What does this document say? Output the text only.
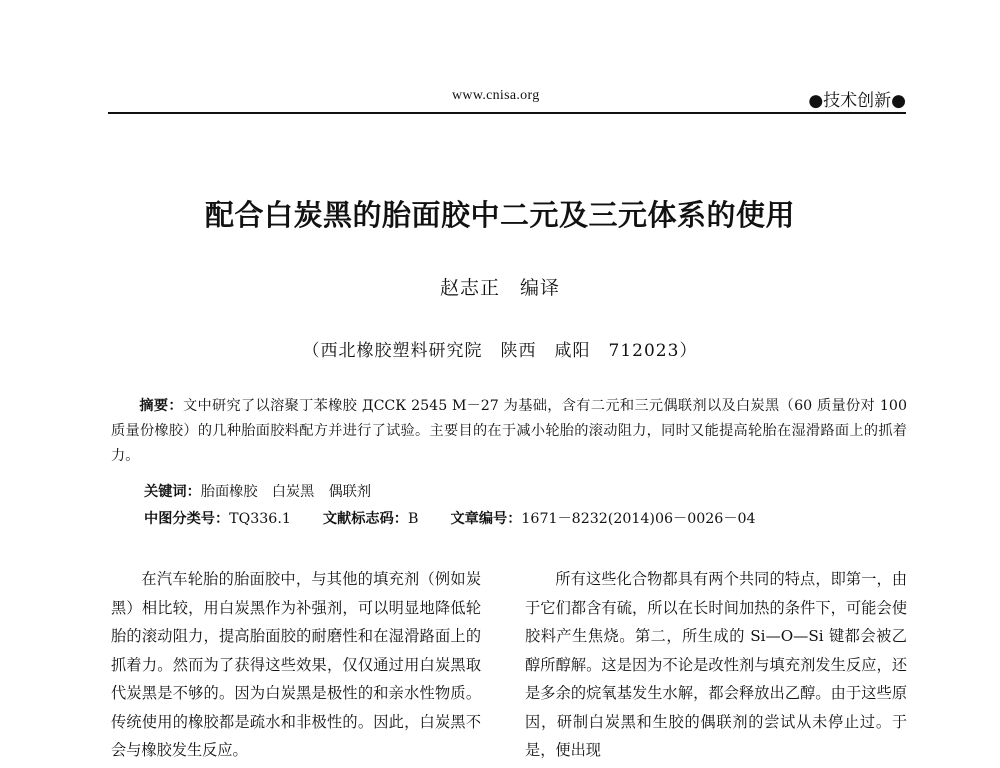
www.cnisa.org	●技术创新●
配合白炭黑的胎面胶中二元及三元体系的使用
赵志正　编译
（西北橡胶塑料研究院　陕西　咸阳　712023）

摘要：文中研究了以溶聚丁苯橡胶 ДССК 2545 М－27 为基础，含有二元和三元偶联剂以及白炭黑（60 质量份对 100 质量份橡胶）的几种胎面胶料配方并进行了试验。主要目的在于减小轮胎的滚动阻力，同时又能提高轮胎在湿滑路面上的抓着力。

关键词：胎面橡胶　白炭黑　偶联剂
中图分类号：TQ336.1 文献标志码：B 文章编号：1671－8232(2014)06－0026－04

在汽车轮胎的胎面胶中，与其他的填充剂（例如炭黑）相比较，用白炭黑作为补强剂，可以明显地降低轮胎的滚动阻力，提高胎面胶的耐磨性和在湿滑路面上的抓着力。然而为了获得这些效果，仅仅通过用白炭黑取代炭黑是不够的。因为白炭黑是极性的和亲水性物质。传统使用的橡胶都是疏水和非极性的。因此，白炭黑不会与橡胶发生反应。

所有这些化合物都具有两个共同的特点，即第一，由于它们都含有硫，所以在长时间加热的条件下，可能会使胶料产生焦烧。第二，所生成的 Si—O—Si 键都会被乙醇所醇解。这是因为不论是改性剂与填充剂发生反应，还是多余的烷氧基发生水解，都会释放出乙醇。由于这些原因，研制白炭黑和生胶的偶联剂的尝试从未停止过。于是，便出现
